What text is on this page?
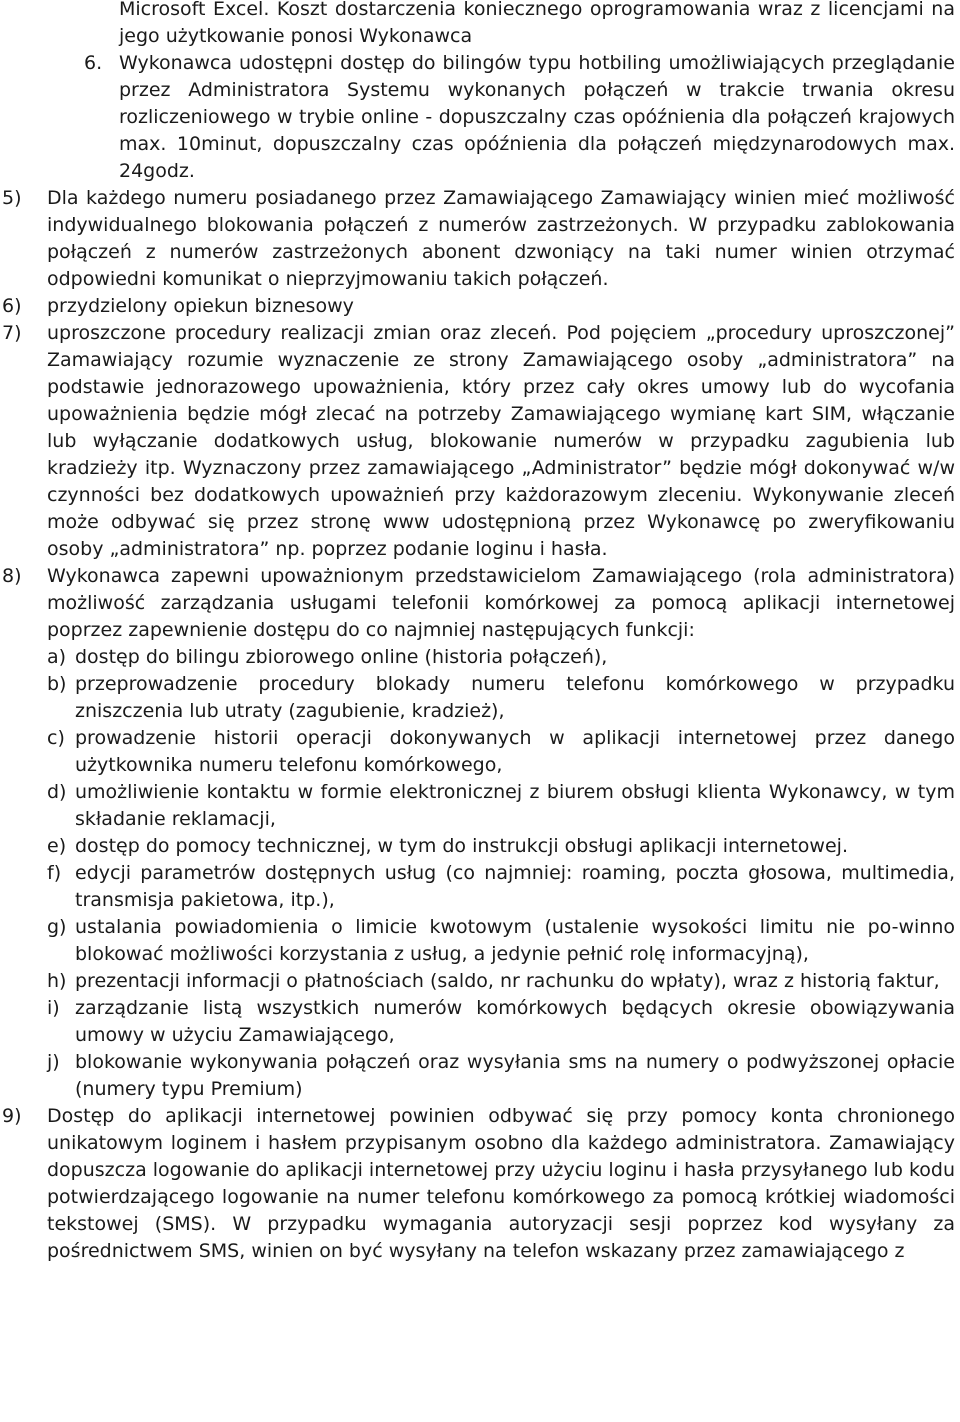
Microsoft Excel. Koszt dostarczenia koniecznego oprogramowania wraz z licencjami na jego użytkowanie ponosi Wykonawca

6. Wykonawca udostępni dostęp do bilingów typu hotbiling umożliwiających przeglądanie przez Administratora Systemu wykonanych połączeń w trakcie trwania okresu rozliczeniowego w trybie online - dopuszczalny czas opóźnienia dla połączeń krajowych max. 10minut, dopuszczalny czas opóźnienia dla połączeń międzynarodowych max. 24godz.

5) Dla każdego numeru posiadanego przez Zamawiającego Zamawiający winien mieć możliwość indywidualnego blokowania połączeń z numerów zastrzeżonych. W przypadku zablokowania połączeń z numerów zastrzeżonych abonent dzwoniący na taki numer winien otrzymać odpowiedni komunikat o nieprzyjmowaniu takich połączeń.

6) przydzielony opiekun biznesowy

7) uproszczone procedury realizacji zmian oraz zleceń. Pod pojęciem „procedury uproszczonej” Zamawiający rozumie wyznaczenie ze strony Zamawiającego osoby „administratora” na podstawie jednorazowego upoważnienia, który przez cały okres umowy lub do wycofania upoważnienia będzie mógł zlecać na potrzeby Zamawiającego wymianę kart SIM, włączanie lub wyłączanie dodatkowych usług, blokowanie numerów w przypadku zagubienia lub kradzieży itp. Wyznaczony przez zamawiającego „Administrator” będzie mógł dokonywać w/w czynności bez dodatkowych upoważnień przy każdorazowym zleceniu. Wykonywanie zleceń może odbywać się przez stronę www udostępnioną przez Wykonawcę po zweryfikowaniu osoby „administratora” np. poprzez podanie loginu i hasła.

8) Wykonawca zapewni upoważnionym przedstawicielom Zamawiającego (rola administratora) możliwość zarządzania usługami telefonii komórkowej za pomocą aplikacji internetowej poprzez zapewnienie dostępu do co najmniej następujących funkcji:

a) dostęp do bilingu zbiorowego online (historia połączeń),

b) przeprowadzenie procedury blokady numeru telefonu komórkowego w przypadku zniszczenia lub utraty (zagubienie, kradzież),

c) prowadzenie historii operacji dokonywanych w aplikacji internetowej przez danego użytkownika numeru telefonu komórkowego,

d) umożliwienie kontaktu w formie elektronicznej z biurem obsługi klienta Wykonawcy, w tym składanie reklamacji,

e) dostęp do pomocy technicznej, w tym do instrukcji obsługi aplikacji internetowej.

f) edycji parametrów dostępnych usług (co najmniej: roaming, poczta głosowa, multimedia, transmisja pakietowa, itp.),

g) ustalania powiadomienia o limicie kwotowym (ustalenie wysokości limitu nie po-winno blokować możliwości korzystania z usług, a jedynie pełnić rolę informacyjną),

h) prezentacji informacji o płatnościach (saldo, nr rachunku do wpłaty), wraz z historią faktur,

i) zarządzanie listą wszystkich numerów komórkowych będących okresie obowiązywania umowy w użyciu Zamawiającego,

j) blokowanie wykonywania połączeń oraz wysyłania sms na numery o podwyższonej opłacie (numery typu Premium)

9) Dostęp do aplikacji internetowej powinien odbywać się przy pomocy konta chronionego unikatowym loginem i hasłem przypisanym osobno dla każdego administratora. Zamawiający dopuszcza logowanie do aplikacji internetowej przy użyciu loginu i hasła przysyłanego lub kodu potwierdzającego logowanie na numer telefonu komórkowego za pomocą krótkiej wiadomości tekstowej (SMS). W przypadku wymagania autoryzacji sesji poprzez kod wysyłany za pośrednictwem SMS, winien on być wysyłany na telefon wskazany przez zamawiającego z
